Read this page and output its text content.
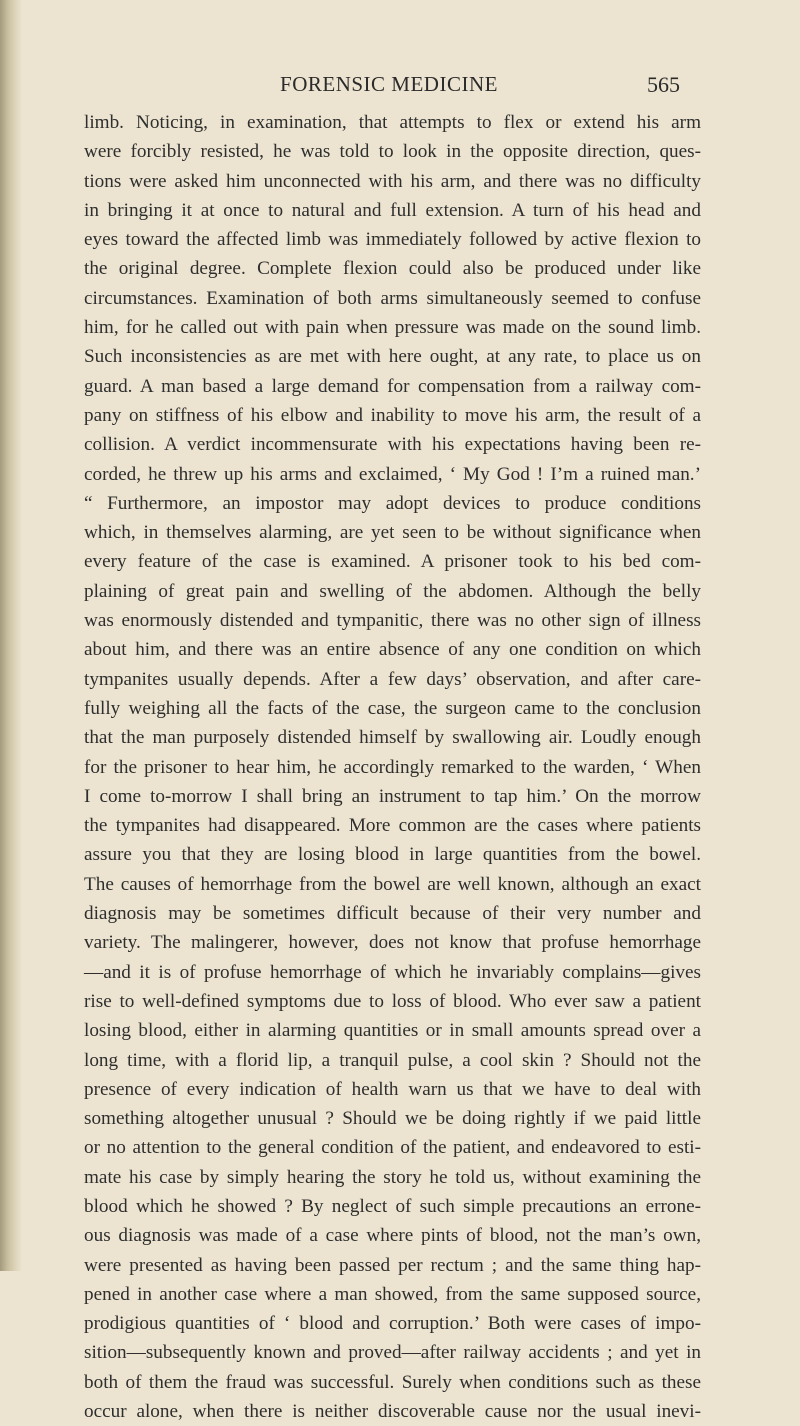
FORENSIC MEDICINE	565
limb. Noticing, in examination, that attempts to flex or extend his arm
were forcibly resisted, he was told to look in the opposite direction, ques-
tions were asked him unconnected with his arm, and there was no difficulty
in bringing it at once to natural and full extension. A turn of his head and
eyes toward the affected limb was immediately followed by active flexion to
the original degree. Complete flexion could also be produced under like
circumstances. Examination of both arms simultaneously seemed to confuse
him, for he called out with pain when pressure was made on the sound limb.
Such inconsistencies as are met with here ought, at any rate, to place us on
guard. A man based a large demand for compensation from a railway com-
pany on stiffness of his elbow and inability to move his arm, the result of a
collision. A verdict incommensurate with his expectations having been re-
corded, he threw up his arms and exclaimed, ‘ My God ! I’m a ruined man.’
“ Furthermore, an impostor may adopt devices to produce conditions
which, in themselves alarming, are yet seen to be without significance when
every feature of the case is examined. A prisoner took to his bed com-
plaining of great pain and swelling of the abdomen. Although the belly
was enormously distended and tympanitic, there was no other sign of illness
about him, and there was an entire absence of any one condition on which
tympanites usually depends. After a few days’ observation, and after care-
fully weighing all the facts of the case, the surgeon came to the conclusion
that the man purposely distended himself by swallowing air. Loudly enough
for the prisoner to hear him, he accordingly remarked to the warden, ‘ When
I come to-morrow I shall bring an instrument to tap him.’ On the morrow
the tympanites had disappeared. More common are the cases where patients
assure you that they are losing blood in large quantities from the bowel.
The causes of hemorrhage from the bowel are well known, although an exact
diagnosis may be sometimes difficult because of their very number and
variety. The malingerer, however, does not know that profuse hemorrhage
—and it is of profuse hemorrhage of which he invariably complains—gives
rise to well-defined symptoms due to loss of blood. Who ever saw a patient
losing blood, either in alarming quantities or in small amounts spread over a
long time, with a florid lip, a tranquil pulse, a cool skin ? Should not the
presence of every indication of health warn us that we have to deal with
something altogether unusual ? Should we be doing rightly if we paid little
or no attention to the general condition of the patient, and endeavored to esti-
mate his case by simply hearing the story he told us, without examining the
blood which he showed ? By neglect of such simple precautions an errone-
ous diagnosis was made of a case where pints of blood, not the man’s own,
were presented as having been passed per rectum ; and the same thing hap-
pened in another case where a man showed, from the same supposed source,
prodigious quantities of ‘ blood and corruption.’ Both were cases of impo-
sition—subsequently known and proved—after railway accidents ; and yet in
both of them the fraud was successful. Surely when conditions such as these
occur alone, when there is neither discoverable cause nor the usual inevi-
